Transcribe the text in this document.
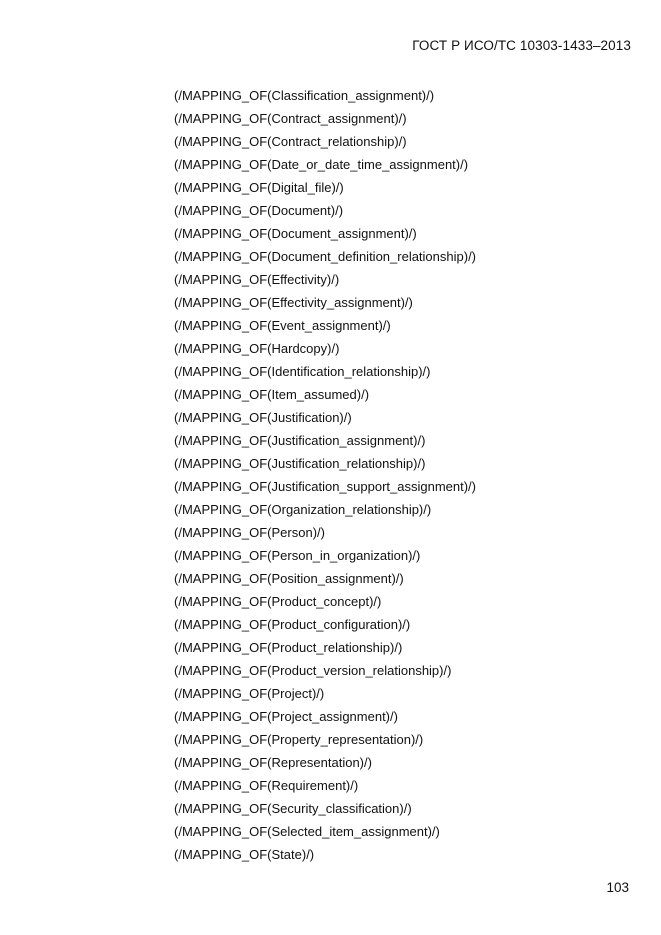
ГОСТ Р ИСО/ТС 10303-1433–2013
(/MAPPING_OF(Classification_assignment)/)
(/MAPPING_OF(Contract_assignment)/)
(/MAPPING_OF(Contract_relationship)/)
(/MAPPING_OF(Date_or_date_time_assignment)/)
(/MAPPING_OF(Digital_file)/)
(/MAPPING_OF(Document)/)
(/MAPPING_OF(Document_assignment)/)
(/MAPPING_OF(Document_definition_relationship)/)
(/MAPPING_OF(Effectivity)/)
(/MAPPING_OF(Effectivity_assignment)/)
(/MAPPING_OF(Event_assignment)/)
(/MAPPING_OF(Hardcopy)/)
(/MAPPING_OF(Identification_relationship)/)
(/MAPPING_OF(Item_assumed)/)
(/MAPPING_OF(Justification)/)
(/MAPPING_OF(Justification_assignment)/)
(/MAPPING_OF(Justification_relationship)/)
(/MAPPING_OF(Justification_support_assignment)/)
(/MAPPING_OF(Organization_relationship)/)
(/MAPPING_OF(Person)/)
(/MAPPING_OF(Person_in_organization)/)
(/MAPPING_OF(Position_assignment)/)
(/MAPPING_OF(Product_concept)/)
(/MAPPING_OF(Product_configuration)/)
(/MAPPING_OF(Product_relationship)/)
(/MAPPING_OF(Product_version_relationship)/)
(/MAPPING_OF(Project)/)
(/MAPPING_OF(Project_assignment)/)
(/MAPPING_OF(Property_representation)/)
(/MAPPING_OF(Representation)/)
(/MAPPING_OF(Requirement)/)
(/MAPPING_OF(Security_classification)/)
(/MAPPING_OF(Selected_item_assignment)/)
(/MAPPING_OF(State)/)
103
